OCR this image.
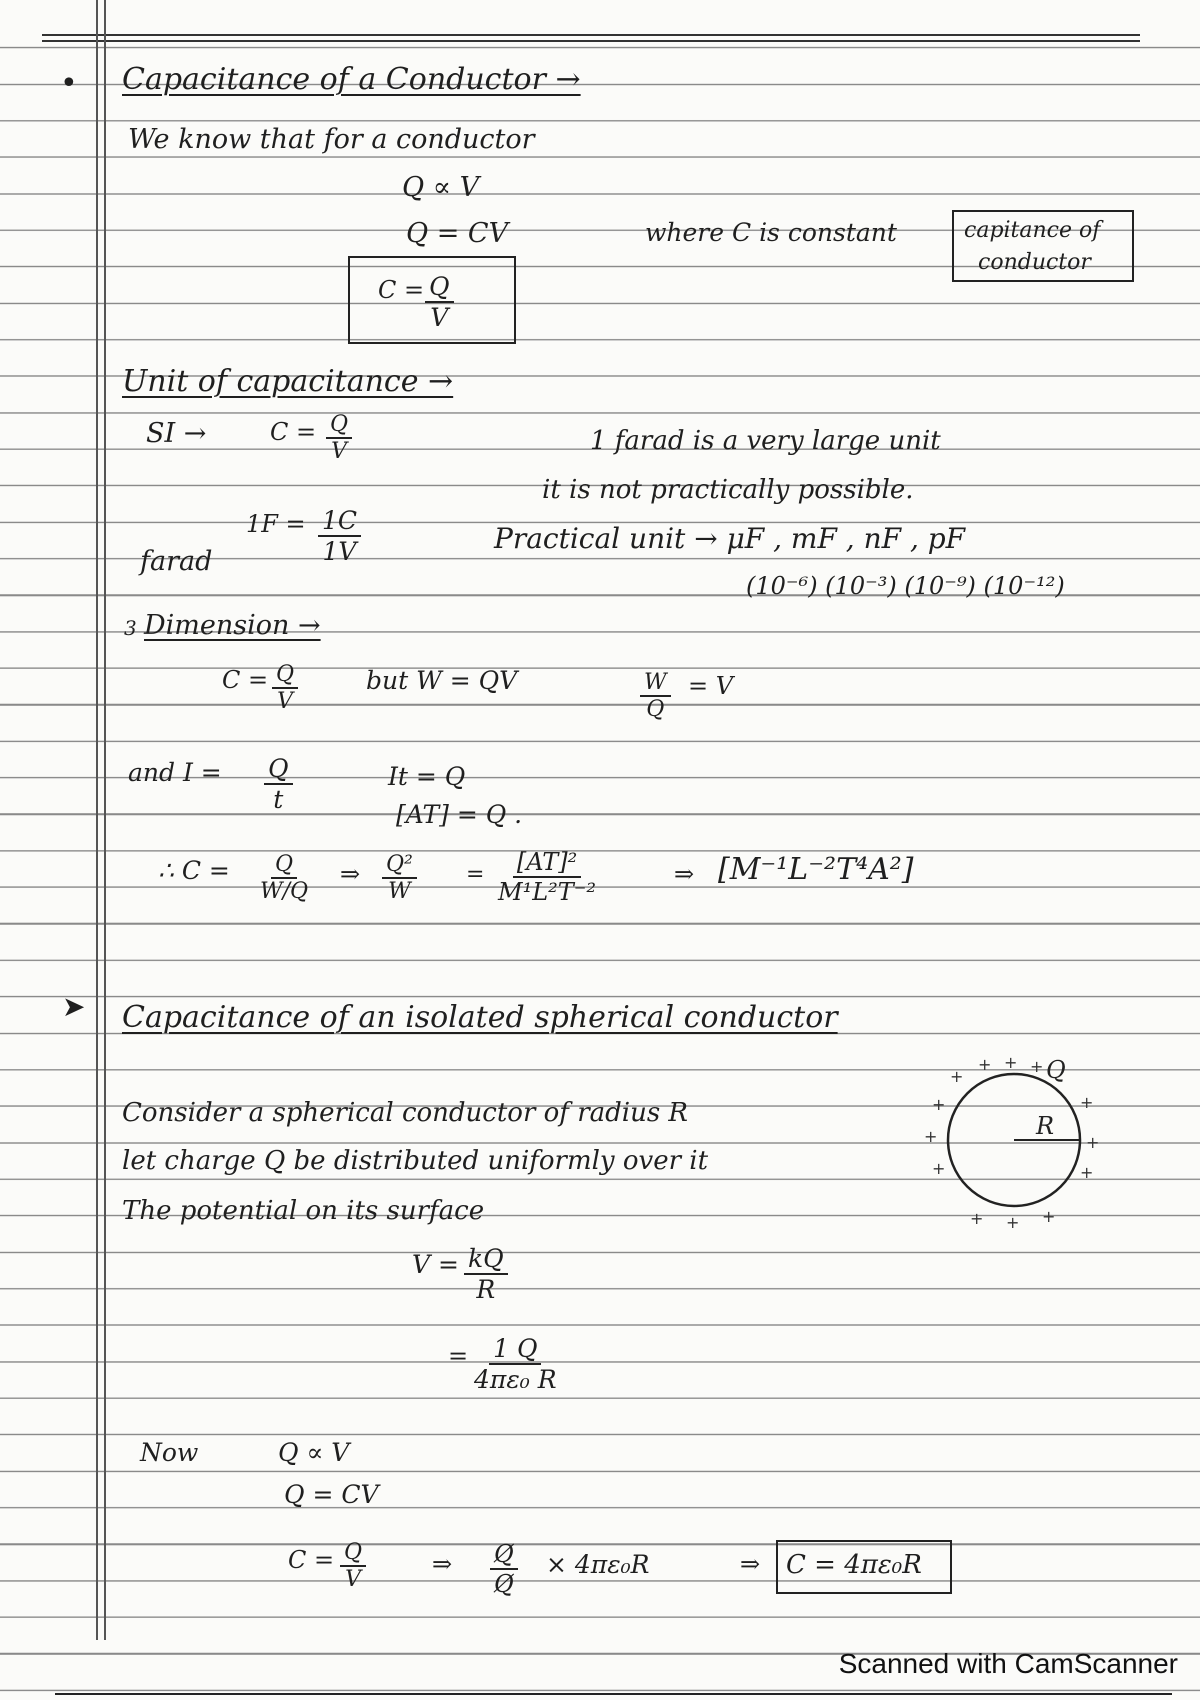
• Capacitance of a Conductor →
We know that for a conductor
Q ∝ V
Q = CV	where C is constant	capitance of
conductor
$C = \frac{Q}{V}$
Unit of capacitance →
SI →	$C = \frac{Q}{V}$	1 farad is a very large unit
it is not practically possible.
$1F = \frac{1C}{1V}$
farad
Practical unit → μF , mF , nF , pF
(10⁻⁶) (10⁻³) (10⁻⁹) (10⁻¹²)
3 Dimension →
$C = \frac{Q}{V}$	but W = QV	$\frac{W}{Q} = V$
and $I = \frac{Q}{t}$	It = Q
[AT] = Q .
∴ $C = \frac{Q}{W/Q}$ ⇒ $\frac{\text{Q²}}{W} = \frac{\text{[AT]²}}{\text{M¹L²T⁻²}}$	⇒ [M⁻¹L⁻²T⁴A²]
➤ Capacitance of an isolated spherical conductor
Consider a spherical conductor of radius R
let charge Q be distributed uniformly over it
The potential on its surface
R
Q
+
+ + +
+
+
+
+
+
+
+ + +
$V = \frac{kQ}{R}$
= $\frac{1 Q}{\text{4πε₀ R}}$
Now	Q ∝ V
Q = CV
$C = \frac{Q}{V}$	⇒ $\frac{Q̸}{Q̸} \times 4\pi\varepsilon_0R$	⇒ C = 4πε₀R
Scanned with CamScanner
